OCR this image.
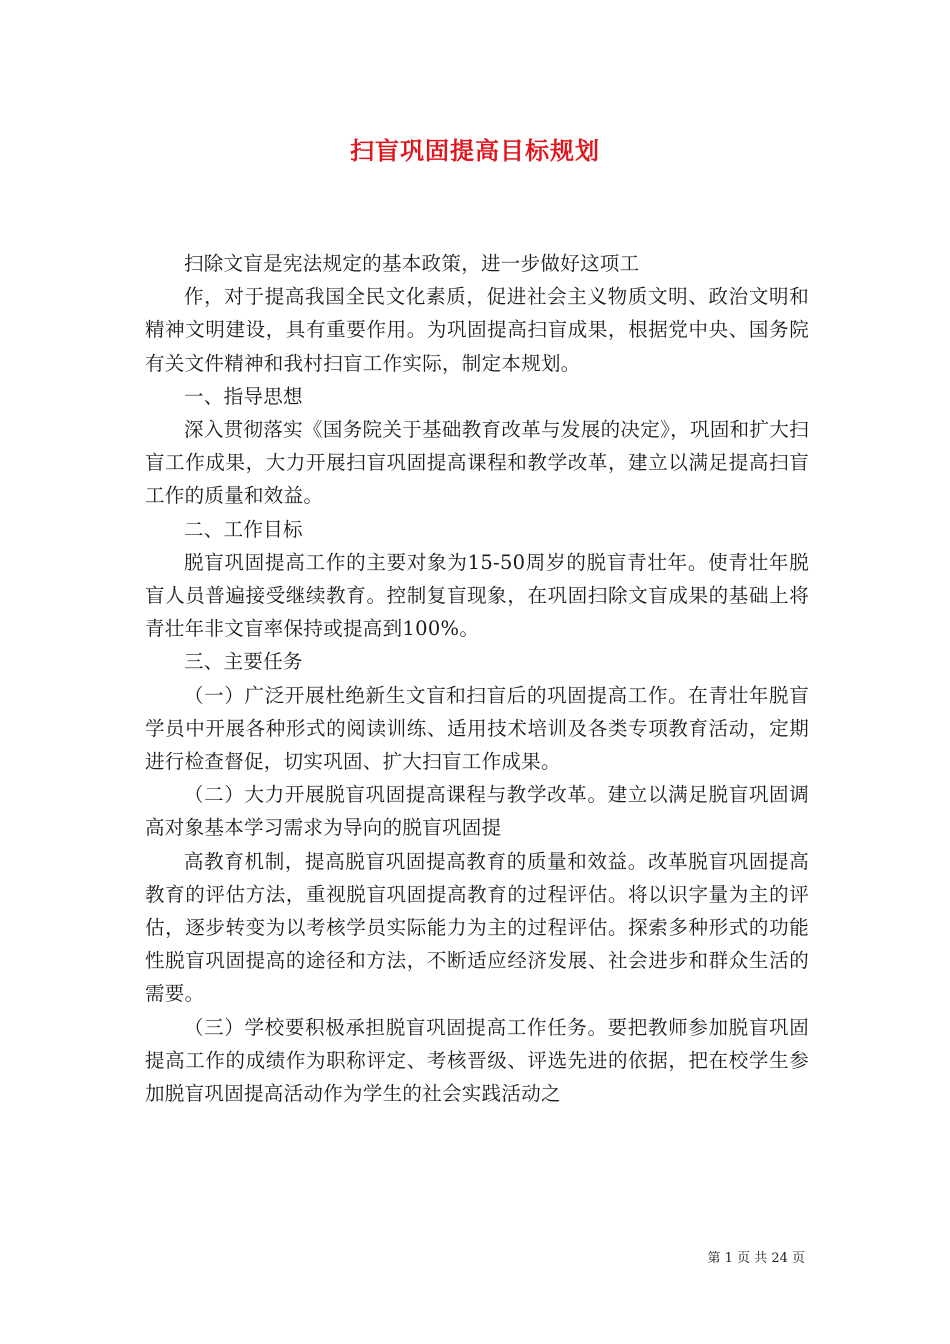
扫盲巩固提高目标规划

扫除文盲是宪法规定的基本政策，进一步做好这项工

作，对于提高我国全民文化素质，促进社会主义物质文明、政治文明和精神文明建设，具有重要作用。为巩固提高扫盲成果，根据党中央、国务院有关文件精神和我村扫盲工作实际，制定本规划。

一、指导思想

深入贯彻落实《国务院关于基础教育改革与发展的决定》，巩固和扩大扫盲工作成果，大力开展扫盲巩固提高课程和教学改革，建立以满足提高扫盲工作的质量和效益。

二、工作目标

脱盲巩固提高工作的主要对象为15-50周岁的脱盲青壮年。使青壮年脱盲人员普遍接受继续教育。控制复盲现象，在巩固扫除文盲成果的基础上将青壮年非文盲率保持或提高到100%。

三、主要任务

（一）广泛开展杜绝新生文盲和扫盲后的巩固提高工作。在青壮年脱盲学员中开展各种形式的阅读训练、适用技术培训及各类专项教育活动，定期进行检查督促，切实巩固、扩大扫盲工作成果。

（二）大力开展脱盲巩固提高课程与教学改革。建立以满足脱盲巩固调高对象基本学习需求为导向的脱盲巩固提

高教育机制，提高脱盲巩固提高教育的质量和效益。改革脱盲巩固提高教育的评估方法，重视脱盲巩固提高教育的过程评估。将以识字量为主的评估，逐步转变为以考核学员实际能力为主的过程评估。探索多种形式的功能性脱盲巩固提高的途径和方法，不断适应经济发展、社会进步和群众生活的需要。

（三）学校要积极承担脱盲巩固提高工作任务。要把教师参加脱盲巩固提高工作的成绩作为职称评定、考核晋级、评选先进的依据，把在校学生参加脱盲巩固提高活动作为学生的社会实践活动之

第 1 页 共 24 页
